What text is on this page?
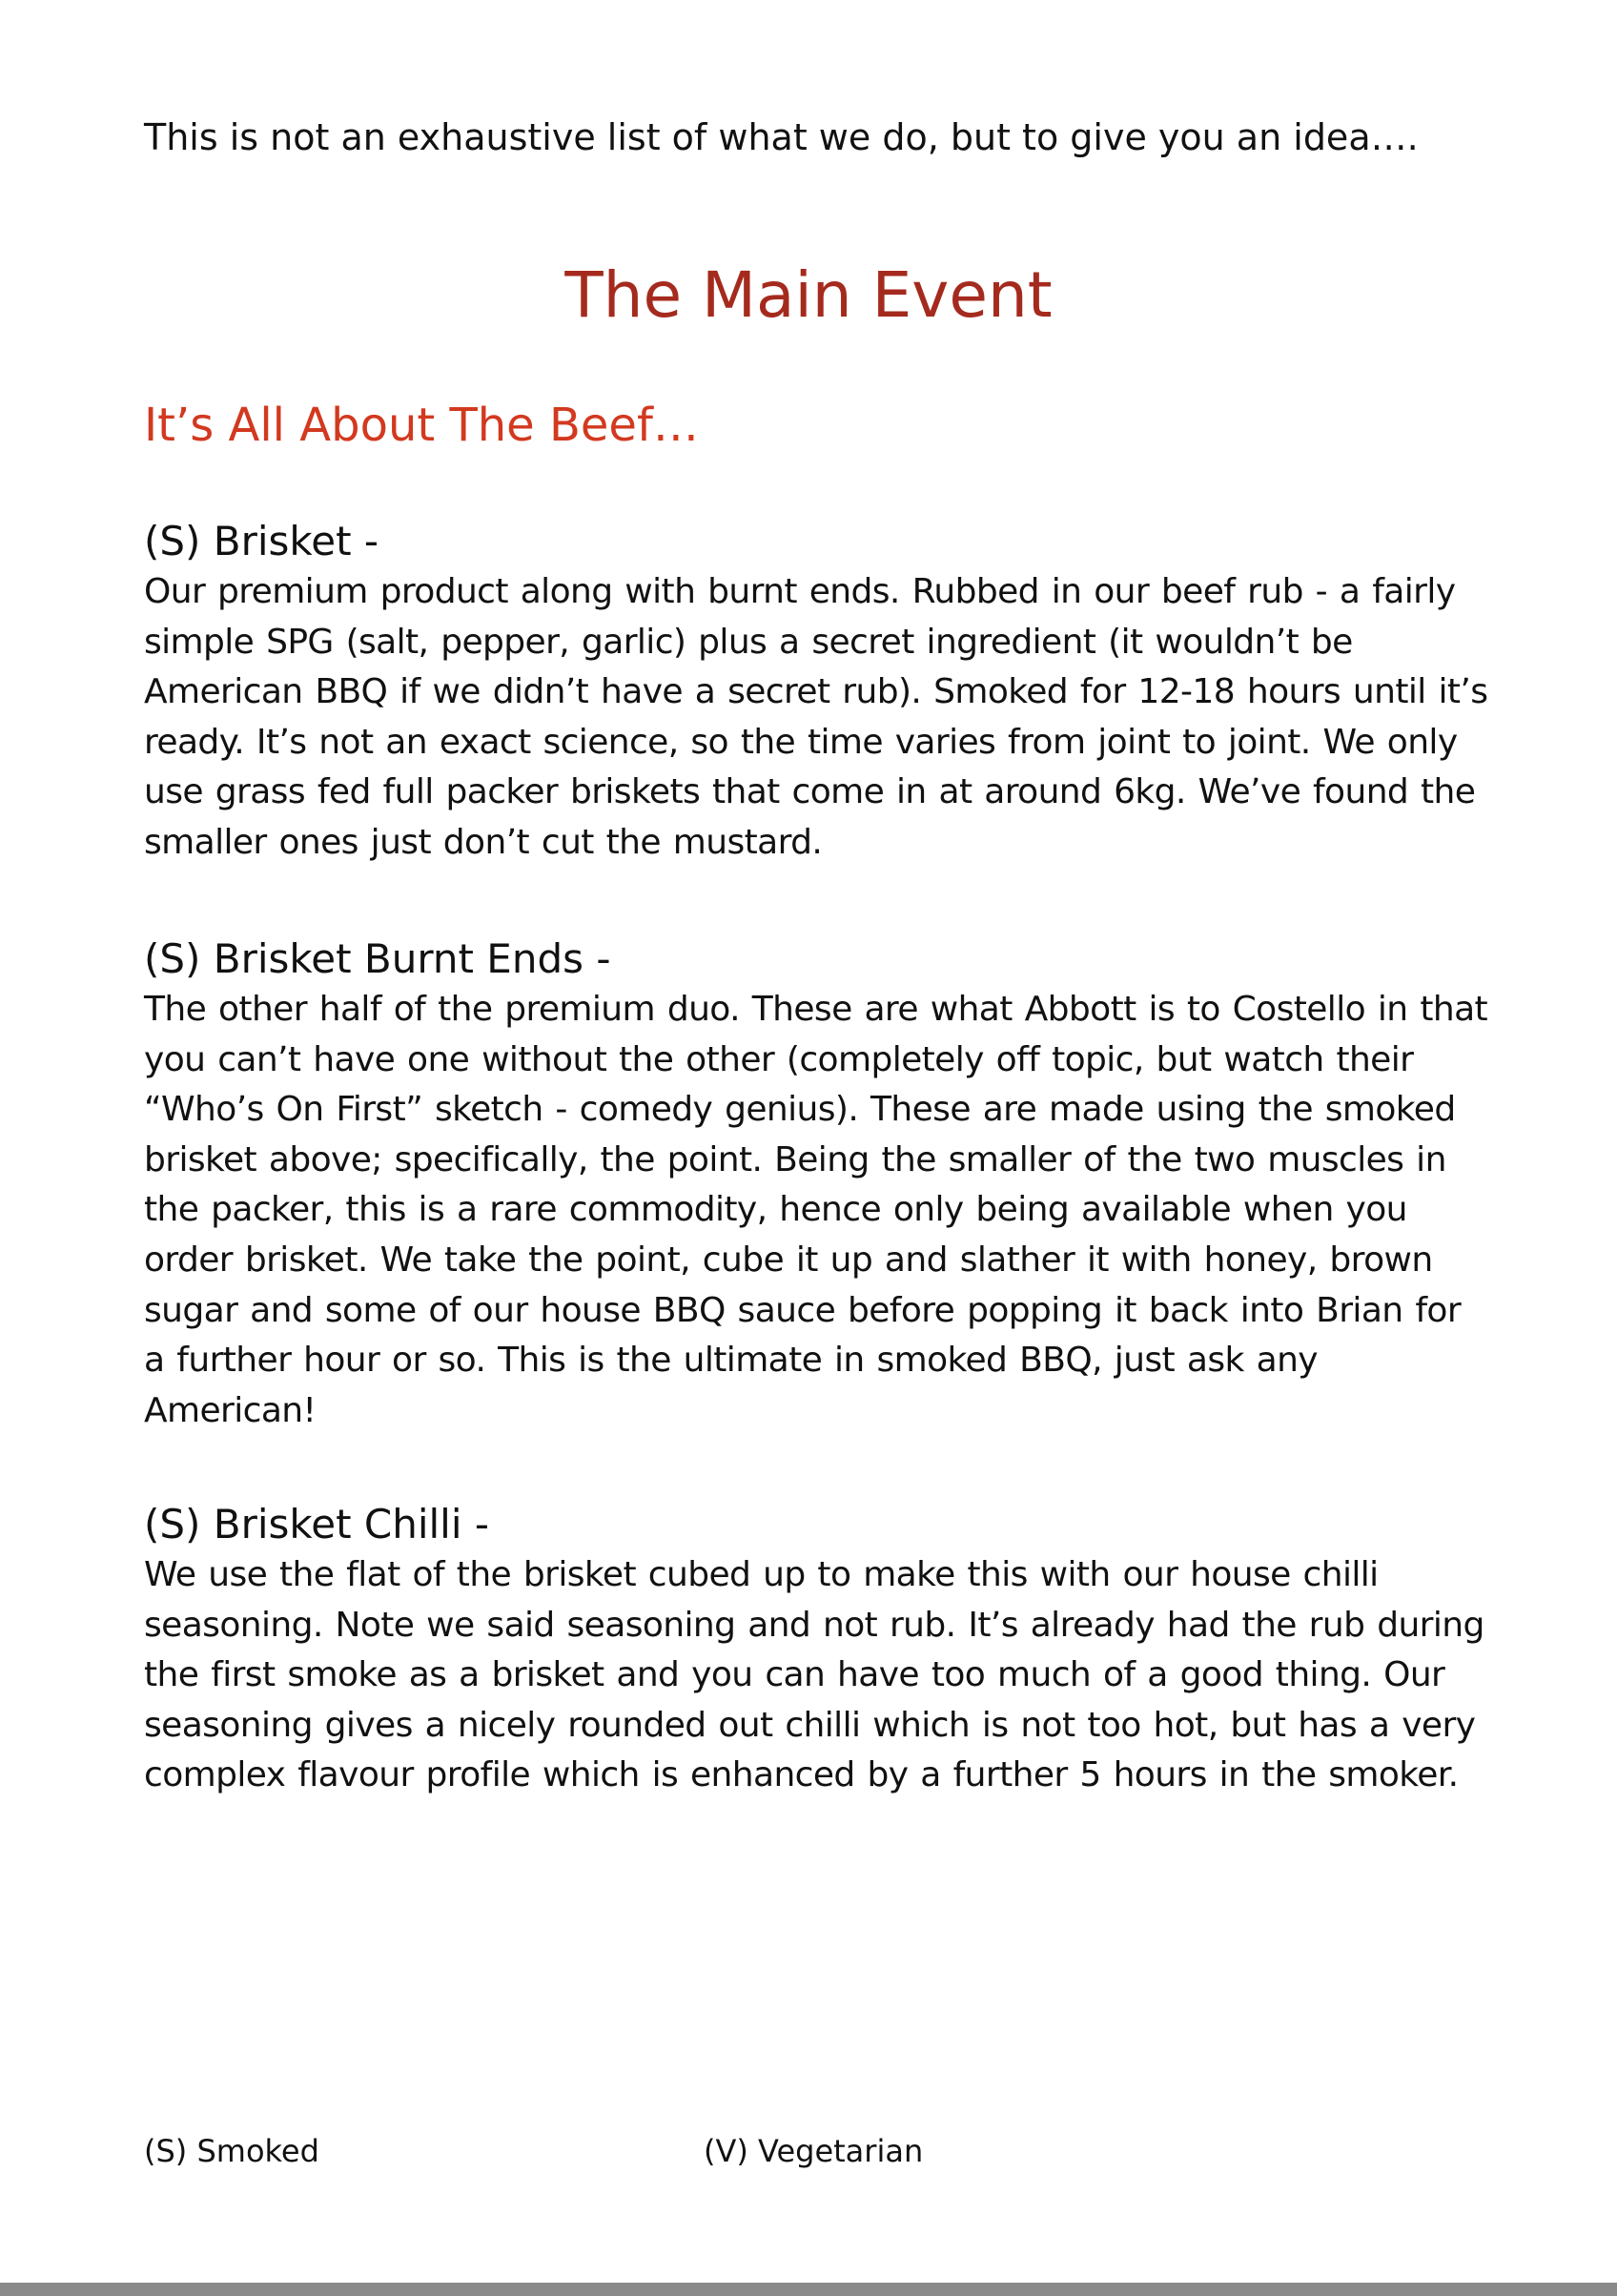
This is not an exhaustive list of what we do, but to give you an idea….
The Main Event
It’s All About The Beef…

(S) Brisket -

Our premium product along with burnt ends. Rubbed in our beef rub - a fairly simple SPG (salt, pepper, garlic) plus a secret ingredient (it wouldn’t be American BBQ if we didn’t have a secret rub). Smoked for 12-18 hours until it’s ready. It’s not an exact science, so the time varies from joint to joint. We only use grass fed full packer briskets that come in at around 6kg. We’ve found the smaller ones just don’t cut the mustard.

(S) Brisket Burnt Ends -

The other half of the premium duo. These are what Abbott is to Costello in that you can’t have one without the other (completely off topic, but watch their “Who’s On First” sketch - comedy genius). These are made using the smoked brisket above; specifically, the point. Being the smaller of the two muscles in the packer, this is a rare commodity, hence only being available when you order brisket. We take the point, cube it up and slather it with honey, brown sugar and some of our house BBQ sauce before popping it back into Brian for a further hour or so. This is the ultimate in smoked BBQ, just ask any American!

(S) Brisket Chilli -

We use the flat of the brisket cubed up to make this with our house chilli seasoning. Note we said seasoning and not rub. It’s already had the rub during the first smoke as a brisket and you can have too much of a good thing. Our seasoning gives a nicely rounded out chilli which is not too hot, but has a very complex flavour profile which is enhanced by a further 5 hours in the smoker.

(S) Smoked	(V) Vegetarian
